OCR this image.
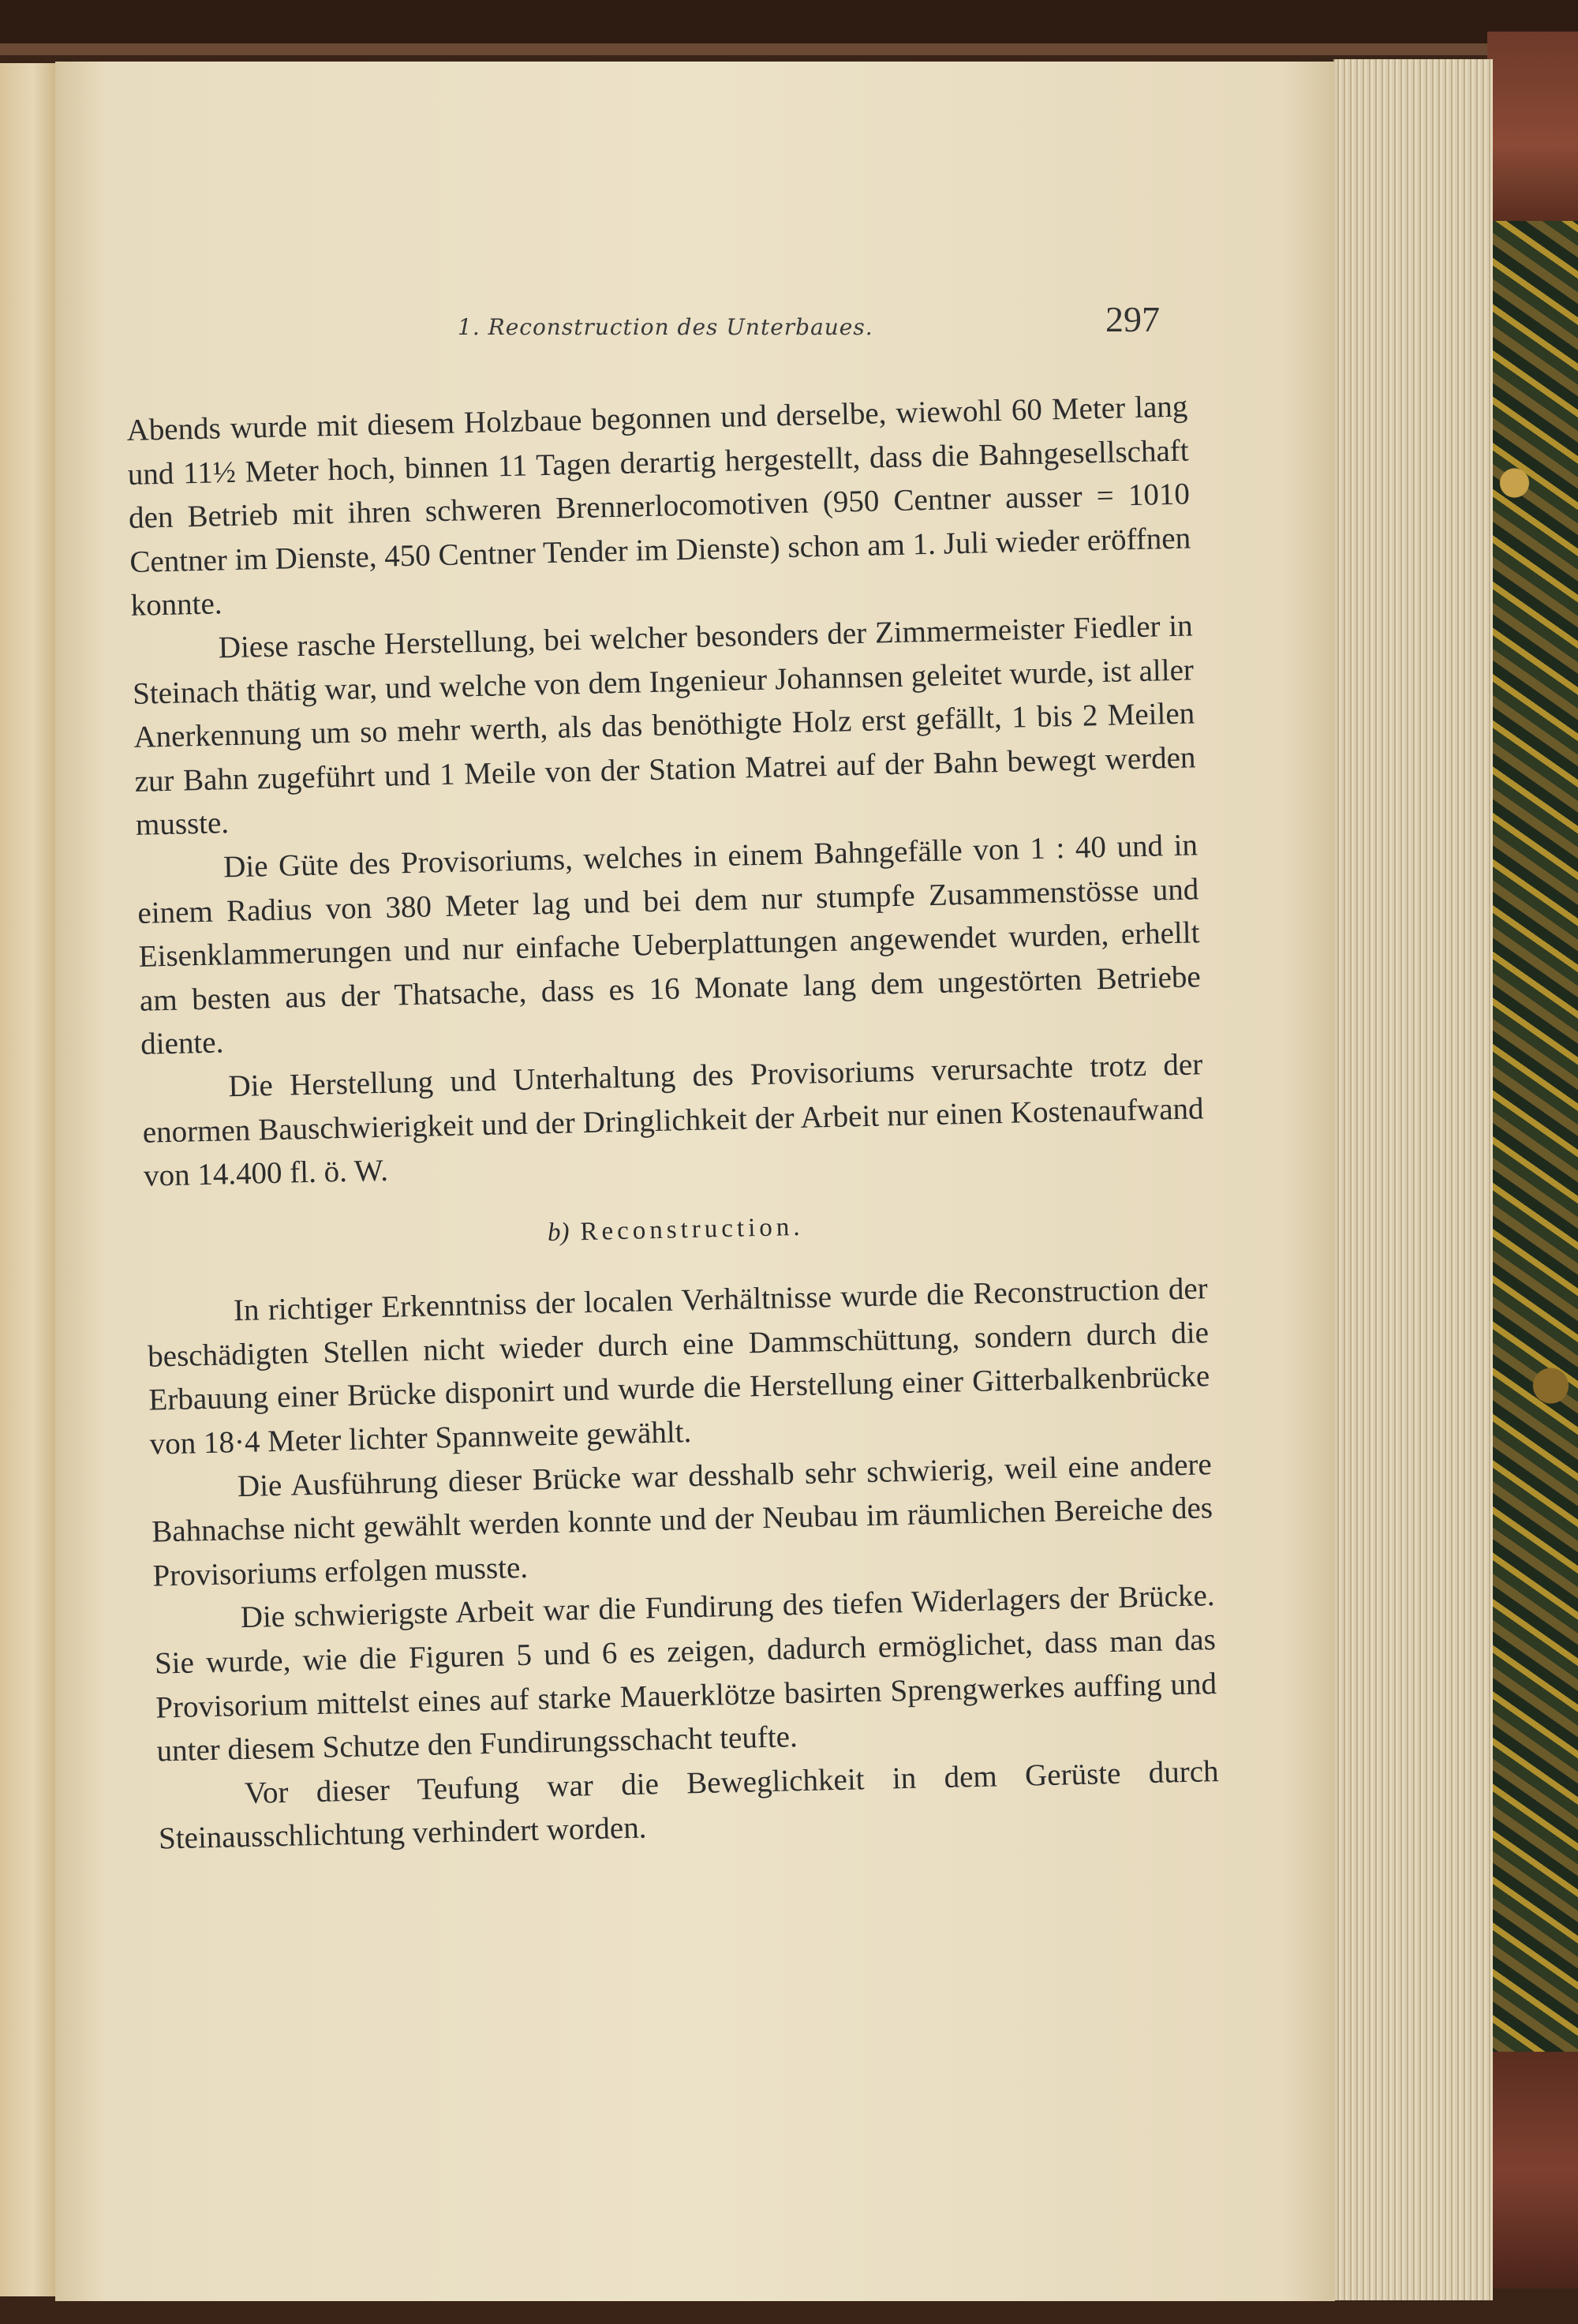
1. Reconstruction des Unterbaues.	297

Abends wurde mit diesem Holzbaue begonnen und derselbe, wiewohl 60 Meter lang und 11½ Meter hoch, binnen 11 Tagen derartig hergestellt, dass die Bahngesellschaft den Betrieb mit ihren schweren Brennerlocomotiven (950 Centner ausser = 1010 Centner im Dienste, 450 Centner Tender im Dienste) schon am 1. Juli wieder eröffnen konnte.

Diese rasche Herstellung, bei welcher besonders der Zimmermeister Fiedler in Steinach thätig war, und welche von dem Ingenieur Johannsen geleitet wurde, ist aller Anerkennung um so mehr werth, als das benöthigte Holz erst gefällt, 1 bis 2 Meilen zur Bahn zugeführt und 1 Meile von der Station Matrei auf der Bahn bewegt werden musste.

Die Güte des Provisoriums, welches in einem Bahngefälle von 1 : 40 und in einem Radius von 380 Meter lag und bei dem nur stumpfe Zusammenstösse und Eisenklammerungen und nur einfache Ueberplattungen angewendet wurden, erhellt am besten aus der Thatsache, dass es 16 Monate lang dem ungestörten Betriebe diente.

Die Herstellung und Unterhaltung des Provisoriums verursachte trotz der enormen Bauschwierigkeit und der Dringlichkeit der Arbeit nur einen Kostenaufwand von 14.400 fl. ö. W.

b) Reconstruction.

In richtiger Erkenntniss der localen Verhältnisse wurde die Reconstruction der beschädigten Stellen nicht wieder durch eine Dammschüttung, sondern durch die Erbauung einer Brücke disponirt und wurde die Herstellung einer Gitterbalkenbrücke von 18·4 Meter lichter Spannweite gewählt.

Die Ausführung dieser Brücke war desshalb sehr schwierig, weil eine andere Bahnachse nicht gewählt werden konnte und der Neubau im räumlichen Bereiche des Provisoriums erfolgen musste.

Die schwierigste Arbeit war die Fundirung des tiefen Widerlagers der Brücke. Sie wurde, wie die Figuren 5 und 6 es zeigen, dadurch ermöglichet, dass man das Provisorium mittelst eines auf starke Mauerklötze basirten Sprengwerkes auffing und unter diesem Schutze den Fundirungsschacht teufte.

Vor dieser Teufung war die Beweglichkeit in dem Gerüste durch Steinausschlichtung verhindert worden.
